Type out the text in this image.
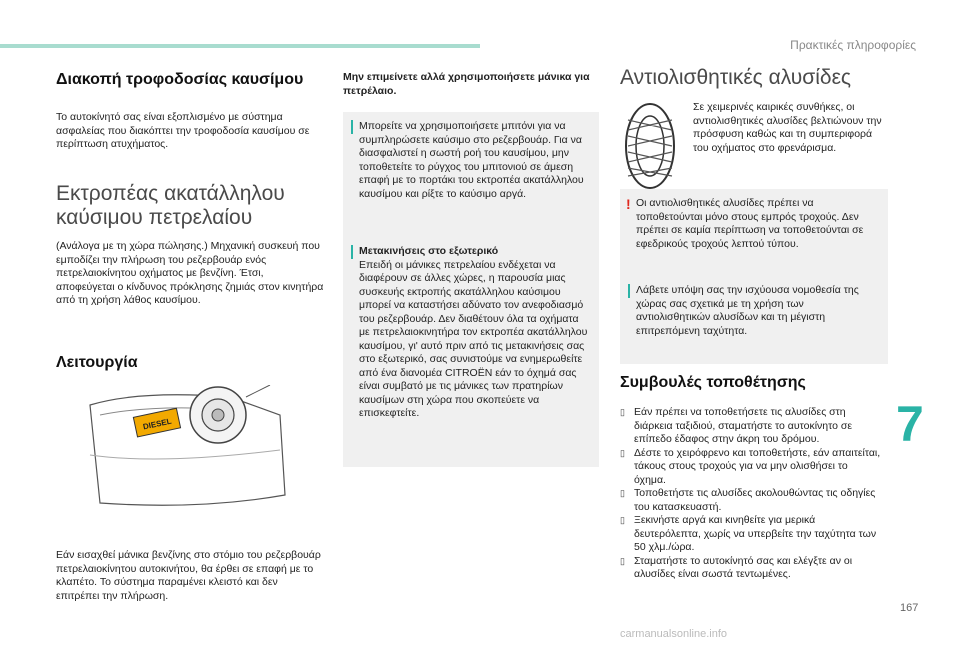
Πρακτικές πληροφορίες
Διακοπή τροφοδοσίας καυσίμου

Το αυτοκίνητό σας είναι εξοπλισμένο με σύστημα ασφαλείας που διακόπτει την τροφοδοσία καυσίμου σε περίπτωση ατυχήματος.

Εκτροπέας ακατάλληλου
καύσιμου πετρελαίου

(Ανάλογα με τη χώρα πώλησης.) Μηχανική συσκευή που εμποδίζει την πλήρωση του ρεζερβουάρ ενός πετρελαιοκίνητου οχήματος με βενζίνη. Έτσι, αποφεύγεται ο κίνδυνος πρόκλησης ζημιάς στον κινητήρα από τη χρήση λάθος καυσίμου.

Λειτουργία
DIESEL

Εάν εισαχθεί μάνικα βενζίνης στο στόμιο του ρεζερβουάρ πετρελαιοκίνητου αυτοκινήτου, θα έρθει σε επαφή με το κλαπέτο. Το σύστημα παραμένει κλειστό και δεν επιτρέπει την πλήρωση.

Μην επιμείνετε αλλά χρησιμοποιήσετε μάνικα για πετρέλαιο.

Μπορείτε να χρησιμοποιήσετε μπιτόνι για να συμπληρώσετε καύσιμο στο ρεζερβουάρ. Για να διασφαλιστεί η σωστή ροή του καυσίμου, μην τοποθετείτε το ρύγχος του μπιτονιού σε άμεση επαφή με το πορτάκι του εκτροπέα ακατάλληλου καυσίμου και ρίξτε το καύσιμο αργά.

Μετακινήσεις στο εξωτερικό

Επειδή οι μάνικες πετρελαίου ενδέχεται να διαφέρουν σε άλλες χώρες, η παρουσία μιας συσκευής εκτροπής ακατάλληλου καύσιμου μπορεί να καταστήσει αδύνατο τον ανεφοδιασμό του ρεζερβουάρ. Δεν διαθέτουν όλα τα οχήματα με πετρελαιοκινητήρα τον εκτροπέα ακατάλληλου καυσίμου, γι' αυτό πριν από τις μετακινήσεις σας στο εξωτερικό, σας συνιστούμε να ενημερωθείτε από ένα διανομέα CITROËN εάν το όχημά σας είναι συμβατό με τις μάνικες των πρατηρίων καυσίμων στη χώρα που σκοπεύετε να επισκεφτείτε.

Αντιολισθητικές αλυσίδες

Σε χειμερινές καιρικές συνθήκες, οι αντιολισθητικές αλυσίδες βελτιώνουν την πρόσφυση καθώς και τη συμπεριφορά του οχήματος στο φρενάρισμα.

! Οι αντιολισθητικές αλυσίδες πρέπει να τοποθετούνται μόνο στους εμπρός τροχούς. Δεν πρέπει σε καμία περίπτωση να τοποθετούνται σε εφεδρικούς τροχούς λεπτού τύπου.

Λάβετε υπόψη σας την ισχύουσα νομοθεσία της χώρας σας σχετικά με τη χρήση των αντιολισθητικών αλυσίδων και τη μέγιστη επιτρεπόμενη ταχύτητα.

Συμβουλές τοποθέτησης
▯ Εάν πρέπει να τοποθετήσετε τις αλυσίδες στη διάρκεια ταξιδιού, σταματήστε το αυτοκίνητο σε επίπεδο έδαφος στην άκρη του δρόμου.
▯ Δέστε το χειρόφρενο και τοποθετήστε, εάν απαιτείται, τάκους στους τροχούς για να μην ολισθήσει το όχημα.
▯ Τοποθετήστε τις αλυσίδες ακολουθώντας τις οδηγίες του κατασκευαστή.
▯ Ξεκινήστε αργά και κινηθείτε για μερικά δευτερόλεπτα, χωρίς να υπερβείτε την ταχύτητα των 50 χλμ./ώρα.
▯ Σταματήστε το αυτοκίνητό σας και ελέγξτε αν οι αλυσίδες είναι σωστά τεντωμένες.
7
167
carmanualsonline.info
